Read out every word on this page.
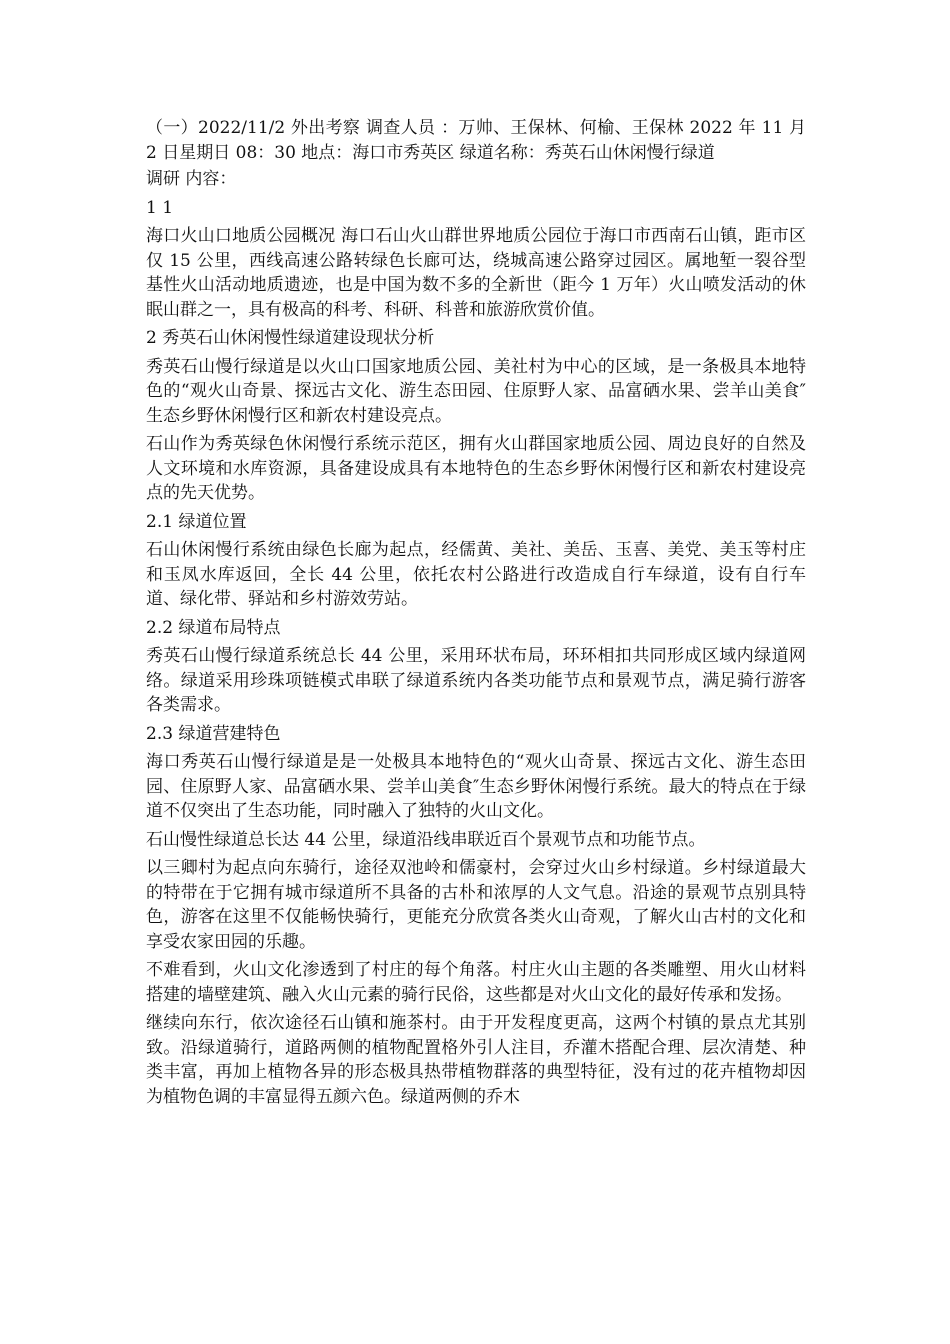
（一）2022/11/2 外出考察 调查人员 ：万帅、王保林、何榆、王保林 2022 年 11 月 2 日星期日 08：30 地点：海口市秀英区 绿道名称：秀英石山休闲慢行绿道

调研 内容：

1 1

海口火山口地质公园概况 海口石山火山群世界地质公园位于海口市西南石山镇，距市区仅 15 公里，西线高速公路转绿色长廊可达，绕城高速公路穿过园区。属地堑一裂谷型基性火山活动地质遗迹，也是中国为数不多的全新世（距今 1 万年）火山喷发活动的休眠山群之一，具有极高的科考、科研、科普和旅游欣赏价值。

2 秀英石山休闲慢性绿道建设现状分析

秀英石山慢行绿道是以火山口国家地质公园、美社村为中心的区域，是一条极具本地特色的“观火山奇景、探远古文化、游生态田园、住原野人家、品富硒水果、尝羊山美食″生态乡野休闲慢行区和新农村建设亮点。

石山作为秀英绿色休闲慢行系统示范区，拥有火山群国家地质公园、周边良好的自然及人文环境和水库资源，具备建设成具有本地特色的生态乡野休闲慢行区和新农村建设亮点的先天优势。

2.1 绿道位置

石山休闲慢行系统由绿色长廊为起点，经儒黄、美社、美岳、玉喜、美党、美玉等村庄和玉凤水库返回，全长 44 公里，依托农村公路进行改造成自行车绿道，设有自行车道、绿化带、驿站和乡村游效劳站。

2.2 绿道布局特点

秀英石山慢行绿道系统总长 44 公里，采用环状布局，环环相扣共同形成区域内绿道网络。绿道采用珍珠项链模式串联了绿道系统内各类功能节点和景观节点，满足骑行游客各类需求。

2.3 绿道营建特色

海口秀英石山慢行绿道是是一处极具本地特色的“观火山奇景、探远古文化、游生态田园、住原野人家、品富硒水果、尝羊山美食″生态乡野休闲慢行系统。最大的特点在于绿道不仅突出了生态功能，同时融入了独特的火山文化。

石山慢性绿道总长达 44 公里，绿道沿线串联近百个景观节点和功能节点。

以三卿村为起点向东骑行，途径双池岭和儒豪村，会穿过火山乡村绿道。乡村绿道最大的特带在于它拥有城市绿道所不具备的古朴和浓厚的人文气息。沿途的景观节点别具特色，游客在这里不仅能畅快骑行，更能充分欣赏各类火山奇观，了解火山古村的文化和享受农家田园的乐趣。

不难看到，火山文化渗透到了村庄的每个角落。村庄火山主题的各类雕塑、用火山材料搭建的墙壁建筑、融入火山元素的骑行民俗，这些都是对火山文化的最好传承和发扬。

继续向东行，依次途径石山镇和施茶村。由于开发程度更高，这两个村镇的景点尤其别致。沿绿道骑行，道路两侧的植物配置格外引人注目，乔灌木搭配合理、层次清楚、种类丰富，再加上植物各异的形态极具热带植物群落的典型特征，没有过的花卉植物却因为植物色调的丰富显得五颜六色。绿道两侧的乔木
